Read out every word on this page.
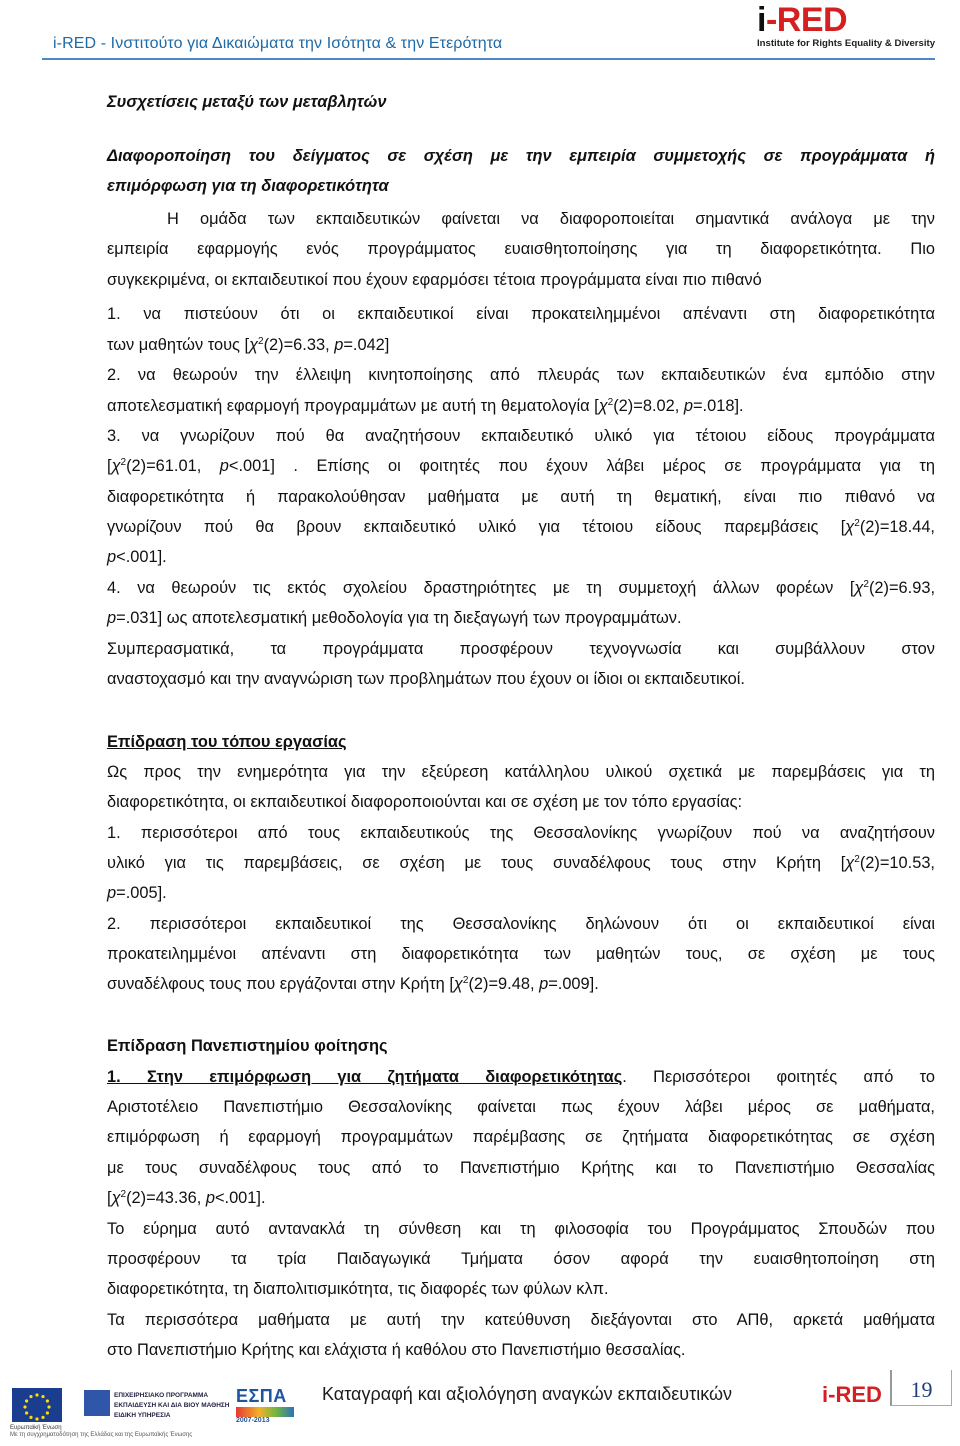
i-RED - Ινστιτούτο για Δικαιώματα την Ισότητα & την Ετερότητα
i-RED
Institute for Rights Equality & Diversity
Συσχετίσεις μεταξύ των μεταβλητών
Διαφοροποίηση του δείγματος σε σχέση με την εμπειρία συμμετοχής σε προγράμματα ή
επιμόρφωση για τη διαφορετικότητα
Η ομάδα των εκπαιδευτικών φαίνεται να διαφοροποιείται σημαντικά ανάλογα με την
εμπειρία εφαρμογής ενός προγράμματος ευαισθητοποίησης για τη διαφορετικότητα. Πιο
συγκεκριμένα, οι εκπαιδευτικοί που έχουν εφαρμόσει τέτοια προγράμματα είναι πιο πιθανό
1. να πιστεύουν ότι οι εκπαιδευτικοί είναι προκατειλημμένοι απέναντι στη διαφορετικότητα
των μαθητών τους [$\chi^2(2)=6.33$, p=.042]
2. να θεωρούν την έλλειψη κινητοποίησης από πλευράς των εκπαιδευτικών ένα εμπόδιο στην
αποτελεσματική εφαρμογή προγραμμάτων με αυτή τη θεματολογία [$\chi^2(2)=8.02$, p=.018].
3. να γνωρίζουν πού θα αναζητήσουν εκπαιδευτικό υλικό για τέτοιου είδους προγράμματα
[$\chi^2(2)=61.01$, p<.001] . Επίσης οι φοιτητές που έχουν λάβει μέρος σε προγράμματα για τη
διαφορετικότητα ή παρακολούθησαν μαθήματα με αυτή τη θεματική, είναι πιο πιθανό να
γνωρίζουν πού θα βρουν εκπαιδευτικό υλικό για τέτοιου είδους παρεμβάσεις [$\chi^2(2)=18.44$,
p<.001].
4. να θεωρούν τις εκτός σχολείου δραστηριότητες με τη συμμετοχή άλλων φορέων [$\chi^2(2)=6.93$,
p=.031] ως αποτελεσματική μεθοδολογία για τη διεξαγωγή των προγραμμάτων.
Συμπερασματικά, τα προγράμματα προσφέρουν τεχνογνωσία και συμβάλλουν στον
αναστοχασμό και την αναγνώριση των προβλημάτων που έχουν οι ίδιοι οι εκπαιδευτικοί.
Επίδραση του τόπου εργασίας
Ως προς την ενημερότητα για την εξεύρεση κατάλληλου υλικού σχετικά με παρεμβάσεις για τη
διαφορετικότητα, οι εκπαιδευτικοί διαφοροποιούνται και σε σχέση με τον τόπο εργασίας:
1. περισσότεροι από τους εκπαιδευτικούς της Θεσσαλονίκης γνωρίζουν πού να αναζητήσουν
υλικό για τις παρεμβάσεις, σε σχέση με τους συναδέλφους τους στην Κρήτη [$\chi^2(2)=10.53$,
p=.005].
2. περισσότεροι εκπαιδευτικοί της Θεσσαλονίκης δηλώνουν ότι οι εκπαιδευτικοί είναι
προκατειλημμένοι απέναντι στη διαφορετικότητα των μαθητών τους, σε σχέση με τους
συναδέλφους τους που εργάζονται στην Κρήτη [$\chi^2(2)=9.48$, p=.009].
Επίδραση Πανεπιστημίου φοίτησης
1. Στην επιμόρφωση για ζητήματα διαφορετικότητας. Περισσότεροι φοιτητές από το
Αριστοτέλειο Πανεπιστήμιο Θεσσαλονίκης φαίνεται πως έχουν λάβει μέρος σε μαθήματα,
επιμόρφωση ή εφαρμογή προγραμμάτων παρέμβασης σε ζητήματα διαφορετικότητας σε σχέση
με τους συναδέλφους τους από το Πανεπιστήμιο Κρήτης και το Πανεπιστήμιο Θεσσαλίας
[$\chi^2(2)=43.36$, p<.001].
Το εύρημα αυτό αντανακλά τη σύνθεση και τη φιλοσοφία του Προγράμματος Σπουδών που
προσφέρουν τα τρία Παιδαγωγικά Τμήματα όσον αφορά την ευαισθητοποίηση στη
διαφορετικότητα, τη διαπολιτισμικότητα, τις διαφορές των φύλων κλπ.
Τα περισσότερα μαθήματα με αυτή την κατεύθυνση διεξάγονται στο ΑΠθ, αρκετά μαθήματα
στο Πανεπιστήμιο Κρήτης και ελάχιστα ή καθόλου στο Πανεπιστήμιο θεσσαλίας.
Ευρωπαϊκή Ένωση
ΕΠΙΧΕΙΡΗΣΙΑΚΟ ΠΡΟΓΡΑΜΜΑ
ΕΚΠΑΙΔΕΥΣΗ ΚΑΙ ΔΙΑ ΒΙΟΥ ΜΑΘΗΣΗ
ΕΙΔΙΚΗ ΥΠΗΡΕΣΙΑ
ΕΣΠΑ
2007-2013
Με τη συγχρηματοδότηση της Ελλάδας και της Ευρωπαϊκής Ένωσης
Καταγραφή και αξιολόγηση αναγκών εκπαιδευτικών	i-RED 19
